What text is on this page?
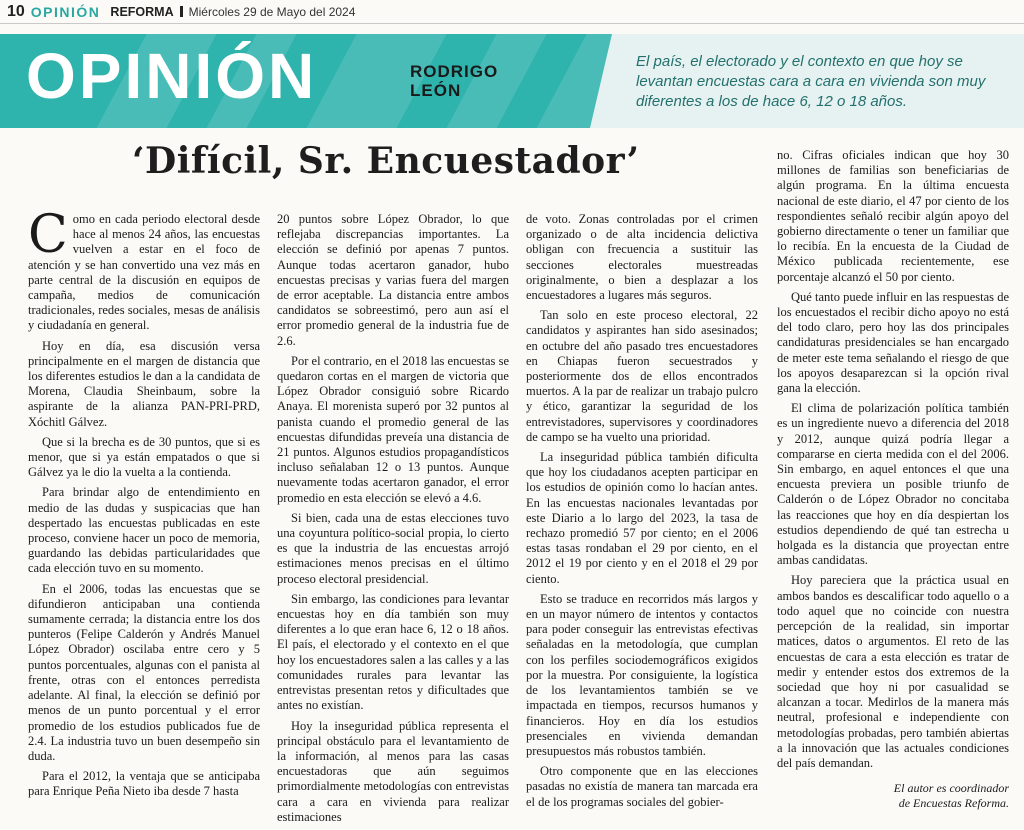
10 OPINIÓN REFORMA Miércoles 29 de Mayo del 2024
OPINIÓN	RODRIGO
LEÓN
El país, el electorado y el contexto en que hoy se levantan encuestas cara a cara en vivienda son muy diferentes a los de hace 6, 12 o 18 años.
‘Difícil, Sr. Encuestador’

Como en cada periodo electoral desde hace al menos 24 años, las encuestas vuelven a estar en el foco de atención y se han convertido una vez más en parte central de la discusión en equipos de campaña, medios de comunicación tradicionales, redes sociales, mesas de análisis y ciudadanía en general.

Hoy en día, esa discusión versa principalmente en el margen de distancia que los diferentes estudios le dan a la candidata de Morena, Claudia Sheinbaum, sobre la aspirante de la alianza PAN-PRI-PRD, Xóchitl Gálvez.

Que si la brecha es de 30 puntos, que si es menor, que si ya están empatados o que si Gálvez ya le dio la vuelta a la contienda.

Para brindar algo de entendimiento en medio de las dudas y suspicacias que han despertado las encuestas publicadas en este proceso, conviene hacer un poco de memoria, guardando las debidas particularidades que cada elección tuvo en su momento.

En el 2006, todas las encuestas que se difundieron anticipaban una contienda sumamente cerrada; la distancia entre los dos punteros (Felipe Calderón y Andrés Manuel López Obrador) oscilaba entre cero y 5 puntos porcentuales, algunas con el panista al frente, otras con el entonces perredista adelante. Al final, la elección se definió por menos de un punto porcentual y el error promedio de los estudios publicados fue de 2.4. La industria tuvo un buen desempeño sin duda.

Para el 2012, la ventaja que se anticipaba para Enrique Peña Nieto iba desde 7 hasta

20 puntos sobre López Obrador, lo que reflejaba discrepancias importantes. La elección se definió por apenas 7 puntos. Aunque todas acertaron ganador, hubo encuestas precisas y varias fuera del margen de error aceptable. La distancia entre ambos candidatos se sobreestimó, pero aun así el error promedio general de la industria fue de 2.6.

Por el contrario, en el 2018 las encuestas se quedaron cortas en el margen de victoria que López Obrador consiguió sobre Ricardo Anaya. El morenista superó por 32 puntos al panista cuando el promedio general de las encuestas difundidas preveía una distancia de 21 puntos. Algunos estudios propagandísticos incluso señalaban 12 o 13 puntos. Aunque nuevamente todas acertaron ganador, el error promedio en esta elección se elevó a 4.6.

Si bien, cada una de estas elecciones tuvo una coyuntura político-social propia, lo cierto es que la industria de las encuestas arrojó estimaciones menos precisas en el último proceso electoral presidencial.

Sin embargo, las condiciones para levantar encuestas hoy en día también son muy diferentes a lo que eran hace 6, 12 o 18 años. El país, el electorado y el contexto en el que hoy los encuestadores salen a las calles y a las comunidades rurales para levantar las entrevistas presentan retos y dificultades que antes no existían.

Hoy la inseguridad pública representa el principal obstáculo para el levantamiento de la información, al menos para las casas encuestadoras que aún seguimos primordialmente metodologías con entrevistas cara a cara en vivienda para realizar estimaciones

de voto. Zonas controladas por el crimen organizado o de alta incidencia delictiva obligan con frecuencia a sustituir las secciones electorales muestreadas originalmente, o bien a desplazar a los encuestadores a lugares más seguros.

Tan solo en este proceso electoral, 22 candidatos y aspirantes han sido asesinados; en octubre del año pasado tres encuestadores en Chiapas fueron secuestrados y posteriormente dos de ellos encontrados muertos. A la par de realizar un trabajo pulcro y ético, garantizar la seguridad de los entrevistadores, supervisores y coordinadores de campo se ha vuelto una prioridad.

La inseguridad pública también dificulta que hoy los ciudadanos acepten participar en los estudios de opinión como lo hacían antes. En las encuestas nacionales levantadas por este Diario a lo largo del 2023, la tasa de rechazo promedió 57 por ciento; en el 2006 estas tasas rondaban el 29 por ciento, en el 2012 el 19 por ciento y en el 2018 el 29 por ciento.

Esto se traduce en recorridos más largos y en un mayor número de intentos y contactos para poder conseguir las entrevistas efectivas señaladas en la metodología, que cumplan con los perfiles sociodemográficos exigidos por la muestra. Por consiguiente, la logística de los levantamientos también se ve impactada en tiempos, recursos humanos y financieros. Hoy en día los estudios presenciales en vivienda demandan presupuestos más robustos también.

Otro componente que en las elecciones pasadas no existía de manera tan marcada era el de los programas sociales del gobier-

no. Cifras oficiales indican que hoy 30 millones de familias son beneficiarias de algún programa. En la última encuesta nacional de este diario, el 47 por ciento de los respondientes señaló recibir algún apoyo del gobierno directamente o tener un familiar que lo recibía. En la encuesta de la Ciudad de México publicada recientemente, ese porcentaje alcanzó el 50 por ciento.

Qué tanto puede influir en las respuestas de los encuestados el recibir dicho apoyo no está del todo claro, pero hoy las dos principales candidaturas presidenciales se han encargado de meter este tema señalando el riesgo de que los apoyos desaparezcan si la opción rival gana la elección.

El clima de polarización política también es un ingrediente nuevo a diferencia del 2018 y 2012, aunque quizá podría llegar a compararse en cierta medida con el del 2006. Sin embargo, en aquel entonces el que una encuesta previera un posible triunfo de Calderón o de López Obrador no concitaba las reacciones que hoy en día despiertan los estudios dependiendo de qué tan estrecha u holgada es la distancia que proyectan entre ambas candidatas.

Hoy pareciera que la práctica usual en ambos bandos es descalificar todo aquello o a todo aquel que no coincide con nuestra percepción de la realidad, sin importar matices, datos o argumentos. El reto de las encuestas de cara a esta elección es tratar de medir y entender estos dos extremos de la sociedad que hoy ni por casualidad se alcanzan a tocar. Medirlos de la manera más neutral, profesional e independiente con metodologías probadas, pero también abiertas a la innovación que las actuales condiciones del país demandan.

El autor es coordinador

de Encuestas Reforma.
